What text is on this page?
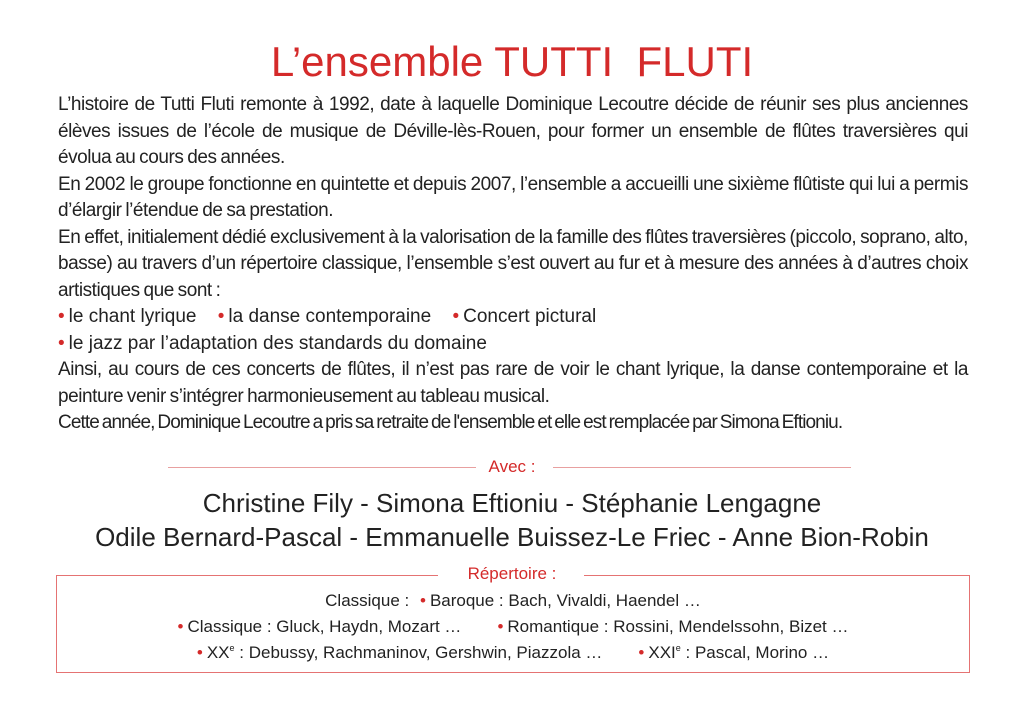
L’ensemble TUTTI  FLUTI

L’histoire de Tutti Fluti remonte à 1992, date à laquelle Dominique Lecoutre décide de réunir ses plus anciennes élèves issues de l’école de musique de Déville-lès-Rouen, pour former un ensemble de flûtes traversières qui évolua au cours des années.

En 2002 le groupe fonctionne en quintette et depuis 2007, l’ensemble a accueilli une sixième flûtiste qui lui a permis d’élargir l’étendue de sa prestation.

En effet, initialement dédié exclusivement à la valorisation de la famille des flûtes traversières (piccolo, soprano, alto, basse) au travers d’un répertoire classique, l’ensemble s’est ouvert au fur et à mesure des années à d’autres choix artistiques que sont :

• le chant lyrique • la danse contemporaine • Concert pictural

• le jazz par l’adaptation des standards du domaine

Ainsi, au cours de ces concerts de flûtes, il n’est pas rare de voir le chant lyrique, la danse contemporaine et la peinture venir s’intégrer harmonieusement au tableau musical.

Cette année, Dominique Lecoutre a pris sa retraite de l'ensemble et elle est remplacée par Simona Eftioniu.

Avec :
Christine Fily - Simona Eftioniu - Stéphanie Lengagne
Odile Bernard-Pascal - Emmanuelle Buissez-Le Friec - Anne Bion-Robin
Répertoire :
Classique : • Baroque : Bach, Vivaldi, Haendel …
• Classique : Gluck, Haydn, Mozart … • Romantique : Rossini, Mendelssohn, Bizet …
• XXe : Debussy, Rachmaninov, Gershwin, Piazzola … • XXIe : Pascal, Morino …
